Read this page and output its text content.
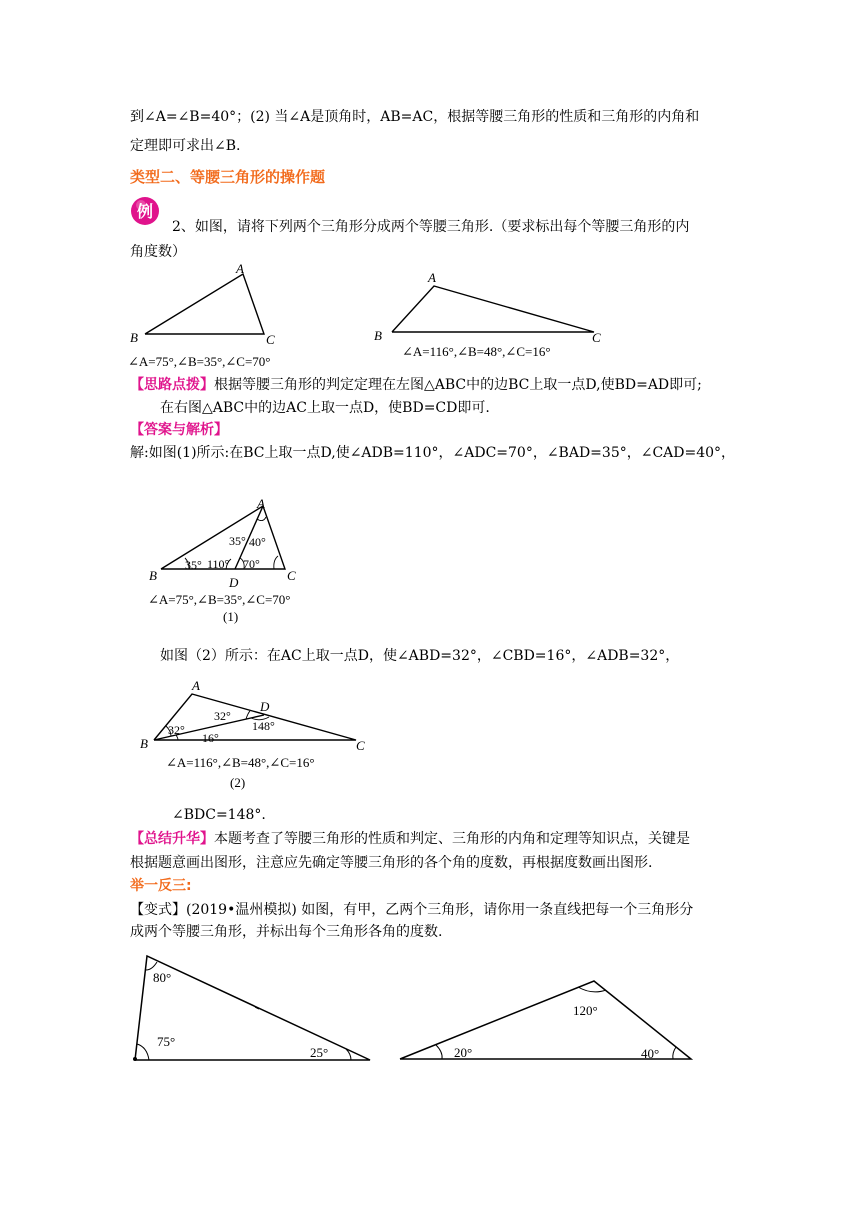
到∠A=∠B=40°；(2) 当∠A是顶角时，AB=AC，根据等腰三角形的性质和三角形的内角和
定理即可求出∠B.
类型二、等腰三角形的操作题
例
2、如图，请将下列两个三角形分成两个等腰三角形.（要求标出每个等腰三角形的内
角度数）
A
B	C
∠A=75°,∠B=35°,∠C=70°
A
B	C
∠A=116°,∠B=48°,∠C=16°
【思路点拨】根据等腰三角形的判定定理在左图△ABC中的边BC上取一点D,使BD=AD即可;
在右图△ABC中的边AC上取一点D，使BD=CD即可.
【答案与解析】
解:如图(1)所示:在BC上取一点D,使∠ADB=110°，∠ADC=70°，∠BAD=35°，∠CAD=40°，
A
B	C
D
35° 40°
35° 110° 70°
∠A=75°,∠B=35°,∠C=70°
(1)
如图（2）所示：在AC上取一点D，使∠ABD=32°，∠CBD=16°，∠ADB=32°，
A
B	C
D
32°
148°
32°
16°
∠A=116°,∠B=48°,∠C=16°
(2)
∠BDC=148°.
【总结升华】本题考查了等腰三角形的性质和判定、三角形的内角和定理等知识点，关键是
根据题意画出图形，注意应先确定等腰三角形的各个角的度数，再根据度数画出图形.
举一反三:
【变式】(2019•温州模拟) 如图，有甲，乙两个三角形，请你用一条直线把每一个三角形分
成两个等腰三角形，并标出每个三角形各角的度数.
80°
75°
25°
120°
20°	40°
